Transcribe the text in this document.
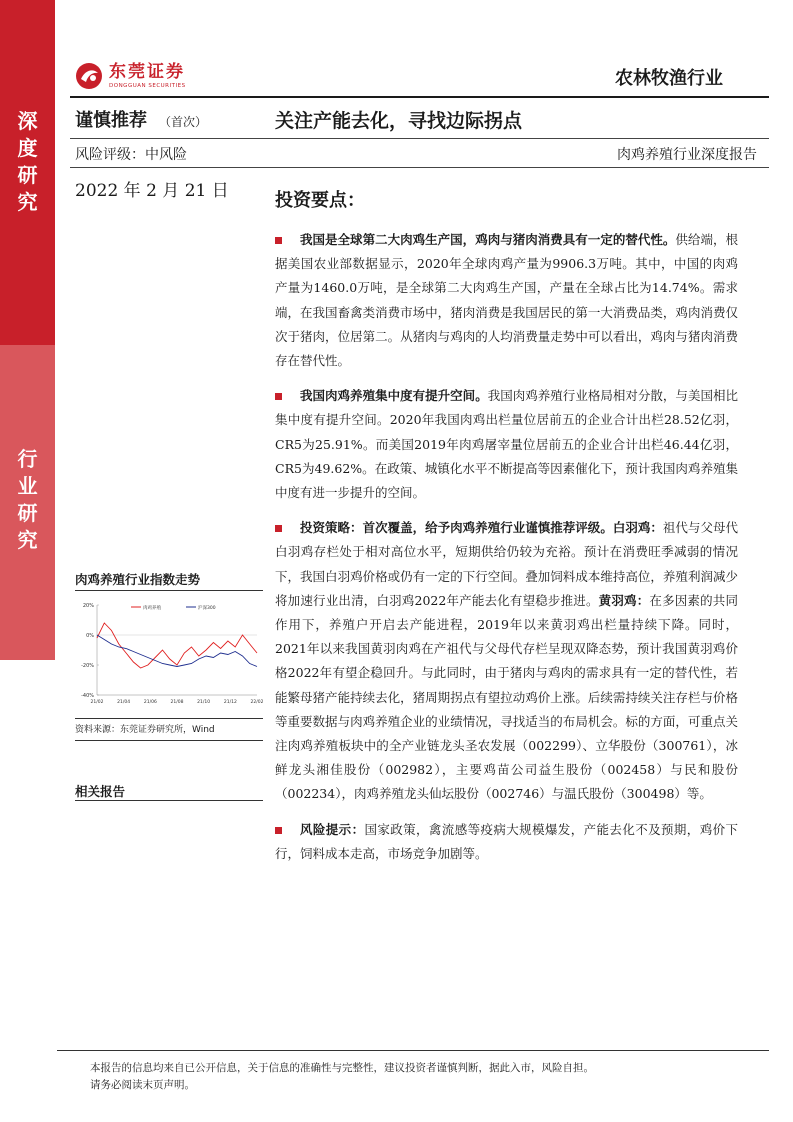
深
度
研
究
行
业
研
究
东莞证券
DONGGUAN SECURITIES	农林牧渔行业
谨慎推荐 （首次）	关注产能去化，寻找边际拐点
风险评级：中风险	肉鸡养殖行业深度报告
2022 年 2 月 21 日	投资要点：
我国是全球第二大肉鸡生产国，鸡肉与猪肉消费具有一定的替代性。供给端，根据美国农业部数据显示，2020年全球肉鸡产量为9906.3万吨。其中，中国的肉鸡产量为1460.0万吨，是全球第二大肉鸡生产国，产量在全球占比为14.74%。需求端，在我国畜禽类消费市场中，猪肉消费是我国居民的第一大消费品类，鸡肉消费仅次于猪肉，位居第二。从猪肉与鸡肉的人均消费量走势中可以看出，鸡肉与猪肉消费存在替代性。
我国肉鸡养殖集中度有提升空间。我国肉鸡养殖行业格局相对分散，与美国相比集中度有提升空间。2020年我国肉鸡出栏量位居前五的企业合计出栏28.52亿羽，CR5为25.91%。而美国2019年肉鸡屠宰量位居前五的企业合计出栏46.44亿羽，CR5为49.62%。在政策、城镇化水平不断提高等因素催化下，预计我国肉鸡养殖集中度有进一步提升的空间。
投资策略：首次覆盖，给予肉鸡养殖行业谨慎推荐评级。白羽鸡：祖代与父母代白羽鸡存栏处于相对高位水平，短期供给仍较为充裕。预计在消费旺季减弱的情况下，我国白羽鸡价格或仍有一定的下行空间。叠加饲料成本维持高位，养殖利润减少将加速行业出清，白羽鸡2022年产能去化有望稳步推进。黄羽鸡：在多因素的共同作用下，养殖户开启去产能进程，2019年以来黄羽鸡出栏量持续下降。同时，2021年以来我国黄羽肉鸡在产祖代与父母代存栏呈现双降态势，预计我国黄羽鸡价格2022年有望企稳回升。与此同时，由于猪肉与鸡肉的需求具有一定的替代性，若能繁母猪产能持续去化，猪周期拐点有望拉动鸡价上涨。后续需持续关注存栏与价格等重要数据与肉鸡养殖企业的业绩情况，寻找适当的布局机会。标的方面，可重点关注肉鸡养殖板块中的全产业链龙头圣农发展（002299）、立华股份（300761），冰鲜龙头湘佳股份（002982），主要鸡苗公司益生股份（002458）与民和股份（002234），肉鸡养殖龙头仙坛股份（002746）与温氏股份（300498）等。
风险提示：国家政策，禽流感等疫病大规模爆发，产能去化不及预期，鸡价下行，饲料成本走高，市场竞争加剧等。
肉鸡养殖行业指数走势
20%
0%
-20%
-40%
21/02	21/04	21/06	21/08	21/10	21/12	22/02
肉鸡养殖	沪深300
资料来源：东莞证券研究所，Wind
相关报告
本报告的信息均来自已公开信息，关于信息的准确性与完整性，建议投资者谨慎判断，据此入市，风险自担。
请务必阅读末页声明。
